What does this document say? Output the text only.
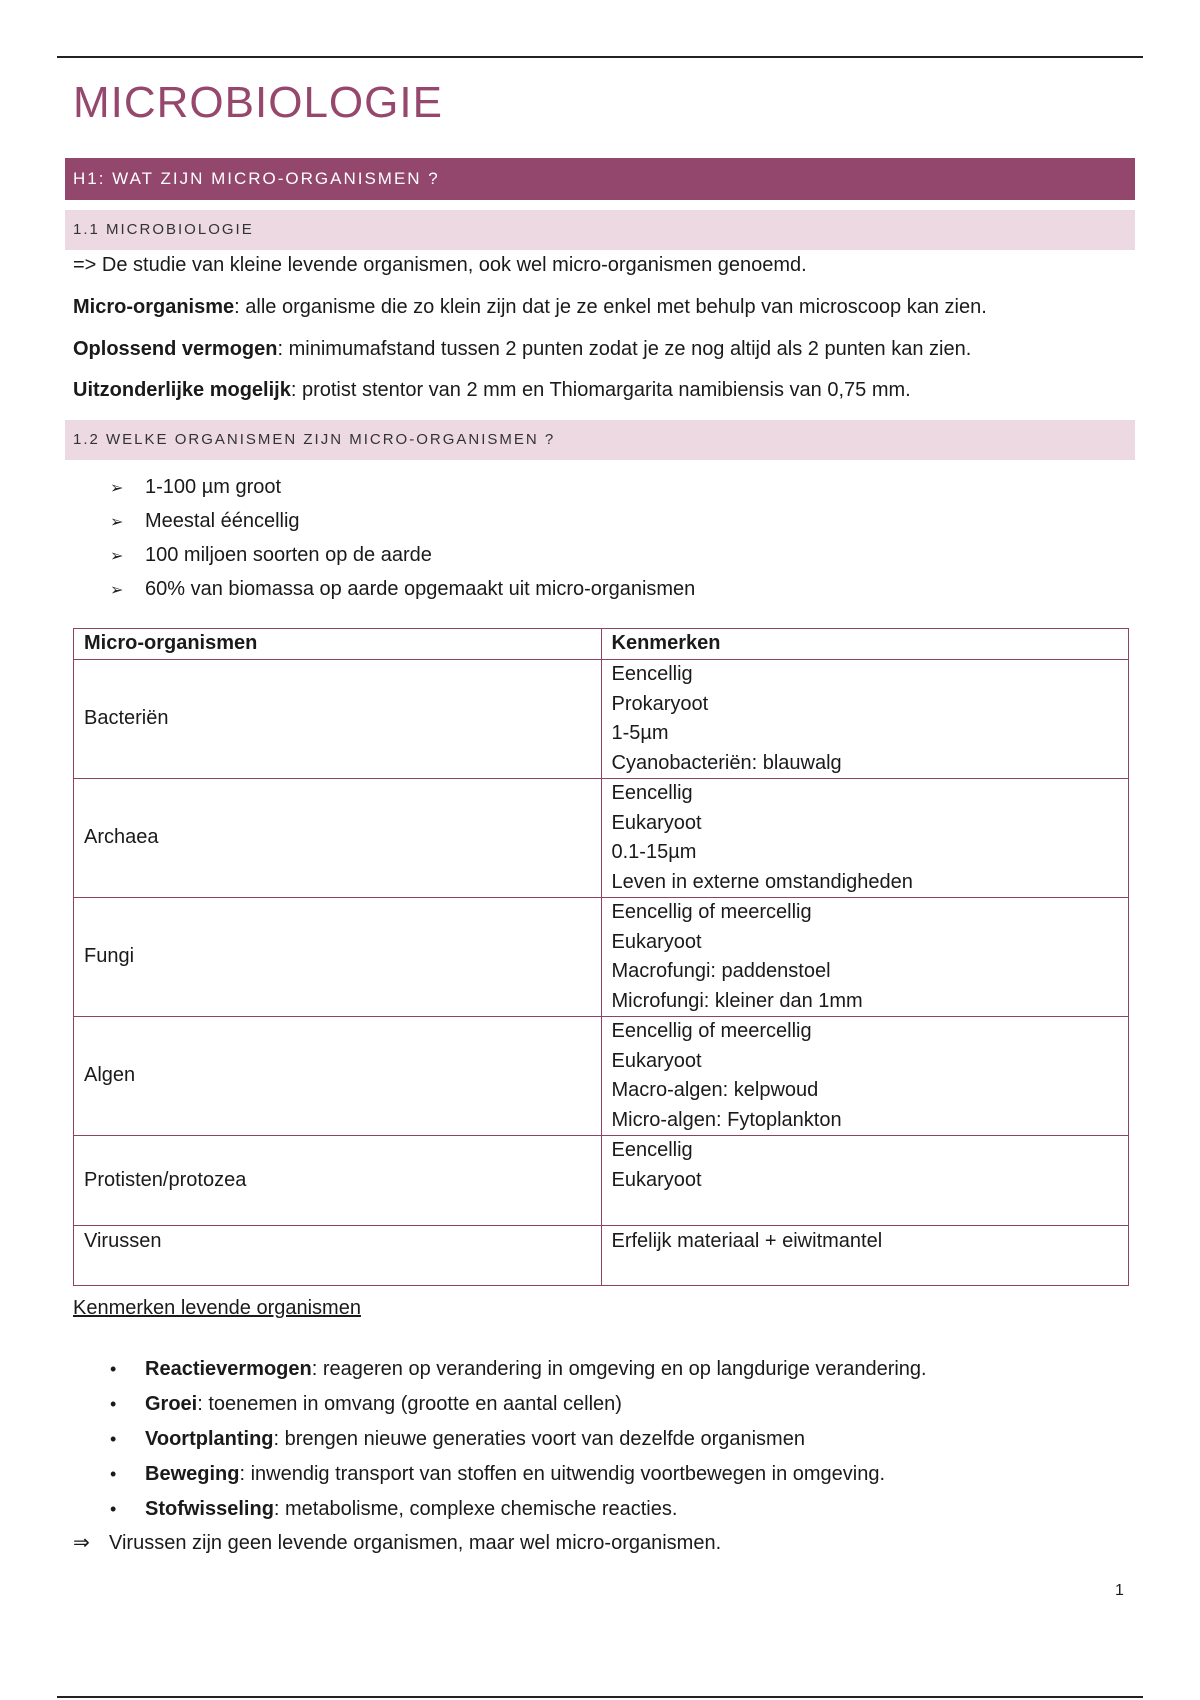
MICROBIOLOGIE
H1: WAT ZIJN MICRO-ORGANISMEN ?
1.1 MICROBIOLOGIE

=> De studie van kleine levende organismen, ook wel micro-organismen genoemd.

Micro-organisme: alle organisme die zo klein zijn dat je ze enkel met behulp van microscoop kan zien.

Oplossend vermogen: minimumafstand tussen 2 punten zodat je ze nog altijd als 2 punten kan zien.

Uitzonderlijke mogelijk: protist stentor van 2 mm en Thiomargarita namibiensis van 0,75 mm.

1.2 WELKE ORGANISMEN ZIJN MICRO-ORGANISMEN ?
➢ 1-100 µm groot
➢ Meestal ééncellig
➢ 100 miljoen soorten op de aarde
➢ 60% van biomassa op aarde opgemaakt uit micro-organismen
Micro-organismen	Kenmerken
Bacteriën	Eencellig
Prokaryoot
1-5µm
Cyanobacteriën: blauwalg

Archaea	Eencellig
Eukaryoot
0.1-15µm
Leven in externe omstandigheden

Fungi	Eencellig of meercellig
Eukaryoot
Macrofungi: paddenstoel
Microfungi: kleiner dan 1mm

Algen	Eencellig of meercellig
Eukaryoot
Macro-algen: kelpwoud
Micro-algen: Fytoplankton

Protisten/protozea	Eencellig
Eukaryoot

Virussen	Erfelijk materiaal + eiwitmantel

Kenmerken levende organismen

• Reactievermogen: reageren op verandering in omgeving en op langdurige verandering.
• Groei: toenemen in omvang (grootte en aantal cellen)
• Voortplanting: brengen nieuwe generaties voort van dezelfde organismen
• Beweging: inwendig transport van stoffen en uitwendig voortbewegen in omgeving.
• Stofwisseling: metabolisme, complexe chemische reacties.

⇒ Virussen zijn geen levende organismen, maar wel micro-organismen.

1
